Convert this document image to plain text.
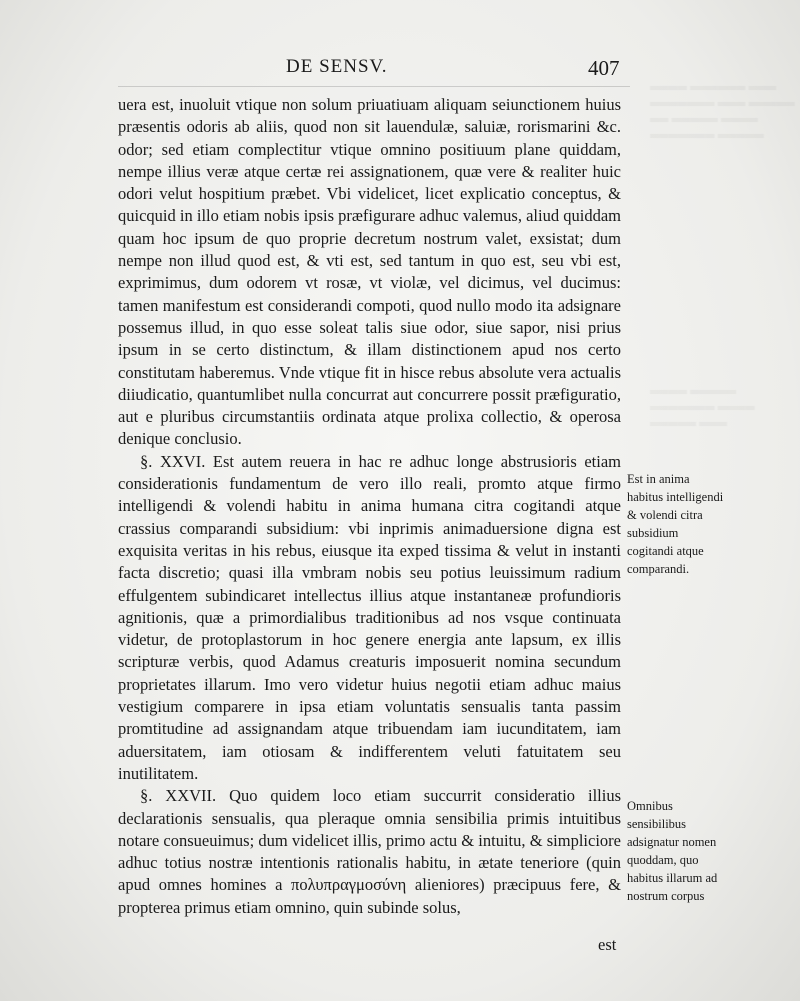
═══ ══════ ════
═════ ═══ ═══════
════ ═════ ══
═════ ═══════

═════ ════
════ ═══════
═══ ═════

DE SENSV.	407

uera est, inuoluit vtique non solum priuatiuam aliquam seiunctionem huius præsentis odoris ab aliis, quod non sit lauendulæ, saluiæ, rorismarini &c. odor; sed etiam complectitur vtique omnino positiuum plane quiddam, nempe illius veræ atque certæ rei assignationem, quæ vere & realiter huic odori velut hospitium præbet. Vbi videlicet, licet explicatio conceptus, & quicquid in illo etiam nobis ipsis præfigurare adhuc valemus, aliud quiddam quam hoc ipsum de quo proprie decretum nostrum valet, exsistat; dum nempe non illud quod est, & vti est, sed tantum in quo est, seu vbi est, exprimimus, dum odorem vt rosæ, vt violæ, vel dicimus, vel ducimus: tamen manifestum est considerandi compoti, quod nullo modo ita adsignare possemus illud, in quo esse soleat talis siue odor, siue sapor, nisi prius ipsum in se certo distinctum, & illam distinctionem apud nos certo constitutam haberemus. Vnde vtique fit in hisce rebus absolute vera actualis diiudicatio, quantumlibet nulla concurrat aut concurrere possit præfiguratio, aut e pluribus circumstantiis ordinata atque prolixa collectio, & operosa denique conclusio.

§. XXVI. Est autem reuera in hac re adhuc longe abstrusioris etiam considerationis fundamentum de vero illo reali, promto atque firmo intelligendi & volendi habitu in anima humana citra cogitandi atque crassius comparandi subsidium: vbi inprimis animaduersione digna est exquisita veritas in his rebus, eiusque ita exped tissima & velut in instanti facta discretio; quasi illa vmbram nobis seu potius leuissimum radium effulgentem subindicaret intellectus illius atque instantaneæ profundioris agnitionis, quæ a primordialibus traditionibus ad nos vsque continuata videtur, de protoplastorum in hoc genere energia ante lapsum, ex illis scripturæ verbis, quod Adamus creaturis imposuerit nomina secundum proprietates illarum. Imo vero videtur huius negotii etiam adhuc maius vestigium comparere in ipsa etiam voluntatis sensualis tanta passim promtitudine ad assignandam atque tribuendam iam iucunditatem, iam aduersitatem, iam otiosam & indifferentem veluti fatuitatem seu inutilitatem.

§. XXVII. Quo quidem loco etiam succurrit consideratio illius declarationis sensualis, qua pleraque omnia sensibilia primis intuitibus notare consueuimus; dum videlicet illis, primo actu & intuitu, & simpliciore adhuc totius nostræ intentionis rationalis habitu, in ætate teneriore (quin apud omnes homines a πολυπραγμοσύνη alieniores) præcipuus fere, & propterea primus etiam omnino, quin subinde solus,

Est in anima habitus intelligendi & volendi citra subsidium cogitandi atque comparandi.
Omnibus sensibilibus adsignatur nomen quoddam, quo habitus illarum ad nostrum corpus
est
